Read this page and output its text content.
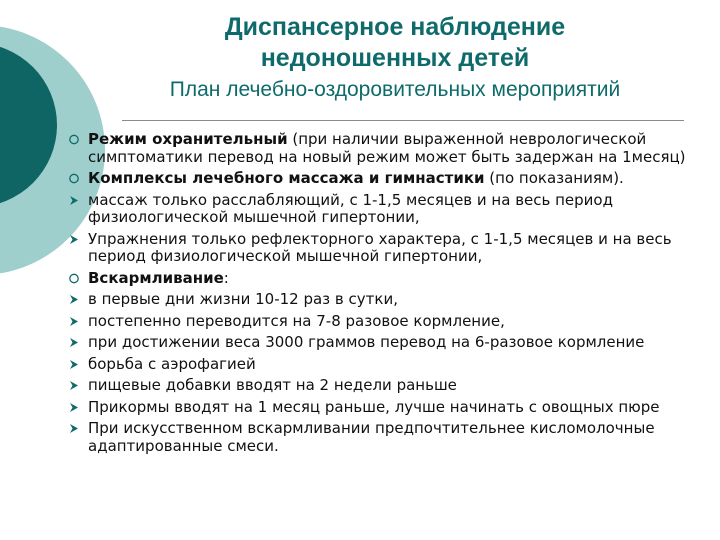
Диспансерное наблюдение
недоношенных детей
План лечебно-оздоровительных мероприятий
Режим охранительный (при наличии выраженной неврологической симптоматики перевод на новый режим может быть задержан на 1месяц)
Комплексы лечебного массажа и гимнастики (по показаниям).
массаж только расслабляющий, с 1-1,5 месяцев и на весь период физиологической мышечной гипертонии,
Упражнения только рефлекторного характера, с 1-1,5 месяцев и на весь период физиологической мышечной гипертонии,
Вскармливание:
в первые дни жизни 10-12 раз в сутки,
постепенно переводится на 7-8 разовое кормление,
при достижении веса 3000 граммов перевод на 6-разовое кормление
борьба с аэрофагией
пищевые добавки вводят на 2 недели раньше
Прикормы вводят на 1 месяц раньше, лучше начинать с овощных пюре
При искусственном вскармливании предпочтительнее кисломолочные адаптированные смеси.
